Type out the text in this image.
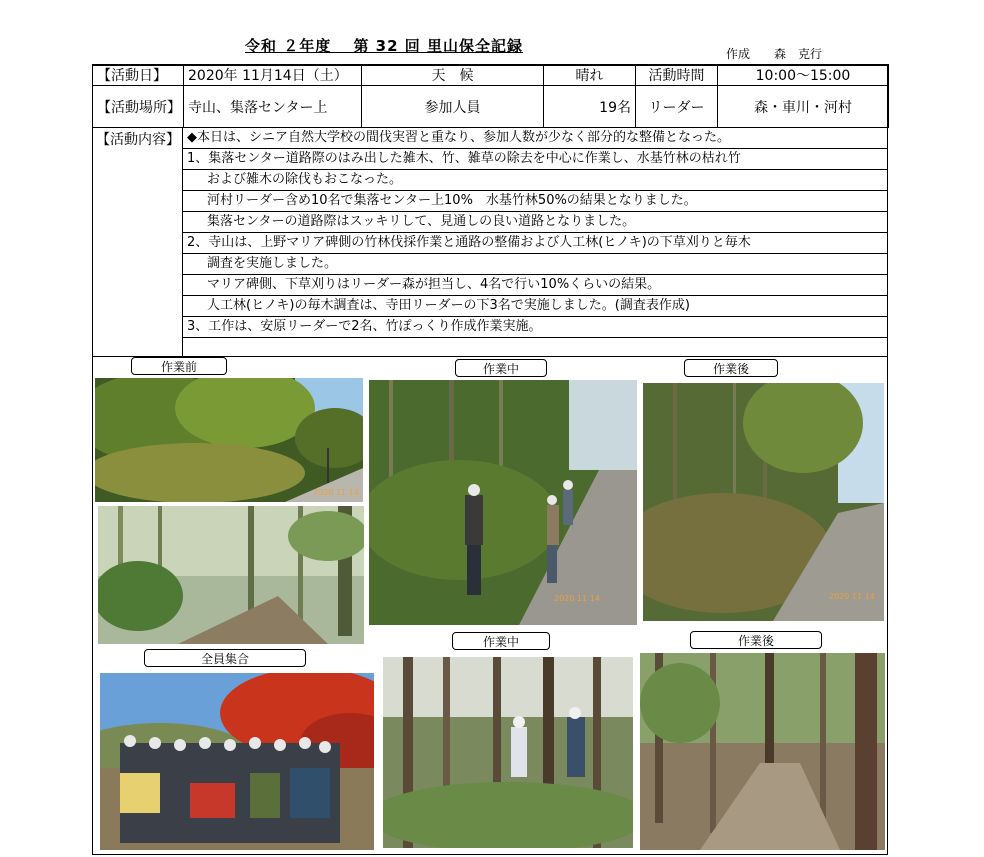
令和 ２年度　 第 32 回 里山保全記録	作成　　森　克行
【活動日】	2020年 11月14日（土）	天　候	晴れ	活動時間	10:00～15:00
【活動場所】	寺山、集落センター上	参加人員	19名	リーダー	森・車川・河村
【活動内容】 ◆本日は、シニア自然大学校の間伐実習と重なり、参加人数が少なく部分的な整備となった。
1、集落センター道路際のはみ出した雑木、竹、雑草の除去を中心に作業し、水基竹林の枯れ竹
および雑木の除伐もおこなった。
河村リーダー含め10名で集落センター上10%　水基竹林50%の結果となりました。
集落センターの道路際はスッキリして、見通しの良い道路となりました。
2、寺山は、上野マリア碑側の竹林伐採作業と通路の整備および人工林(ヒノキ)の下草刈りと毎木
調査を実施しました。
マリア碑側、下草刈りはリーダー森が担当し、4名で行い10%くらいの結果。
人工林(ヒノキ)の毎木調査は、寺田リーダーの下3名で実施しました。(調査表作成)
3、工作は、安原リーダーで2名、竹ぽっくり作成作業実施。
作業前	作業中	作業後
全員集合
作業中	作業後
2020 11 14
2020 11 14	2020 11 14
